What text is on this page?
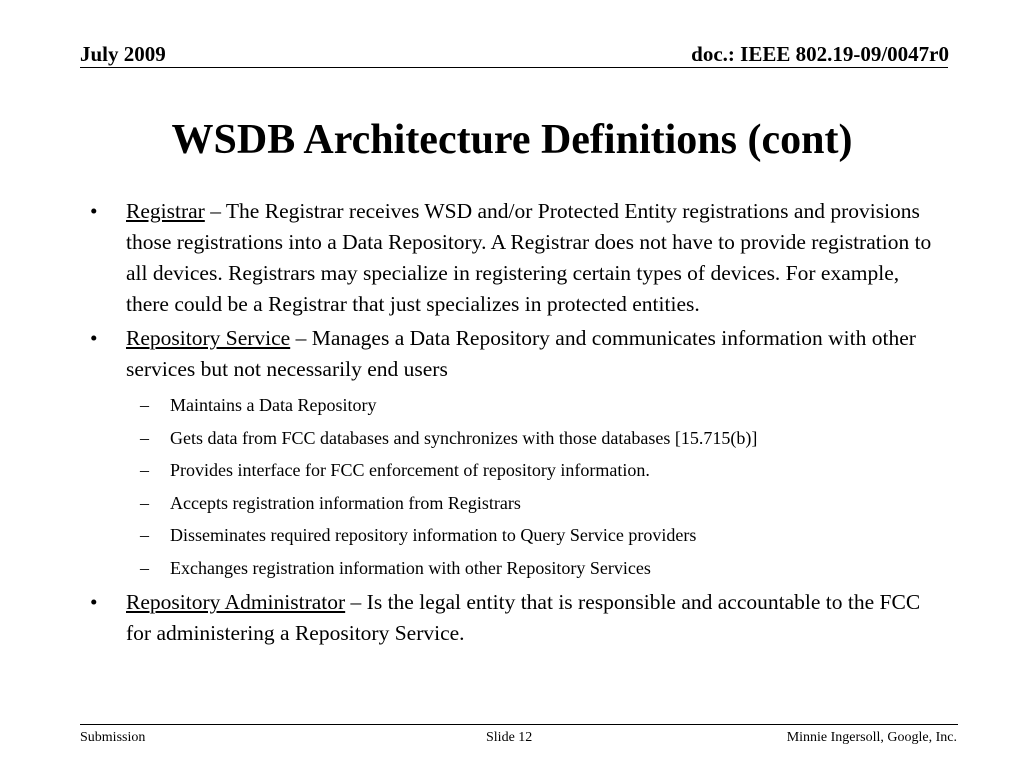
July 2009	doc.: IEEE 802.19-09/0047r0
WSDB Architecture Definitions (cont)
• Registrar – The Registrar receives WSD and/or Protected Entity registrations and provisions those registrations into a Data Repository. A Registrar does not have to provide registration to all devices. Registrars may specialize in registering certain types of devices. For example, there could be a Registrar that just specializes in protected entities.
• Repository Service – Manages a Data Repository and communicates information with other services but not necessarily end users
– Maintains a Data Repository
– Gets data from FCC databases and synchronizes with those databases [15.715(b)]
– Provides interface for FCC enforcement of repository information.
– Accepts registration information from Registrars
– Disseminates required repository information to Query Service providers
– Exchanges registration information with other Repository Services
• Repository Administrator – Is the legal entity that is responsible and accountable to the FCC for administering a Repository Service.
Submission	Slide 12	Minnie Ingersoll, Google, Inc.
